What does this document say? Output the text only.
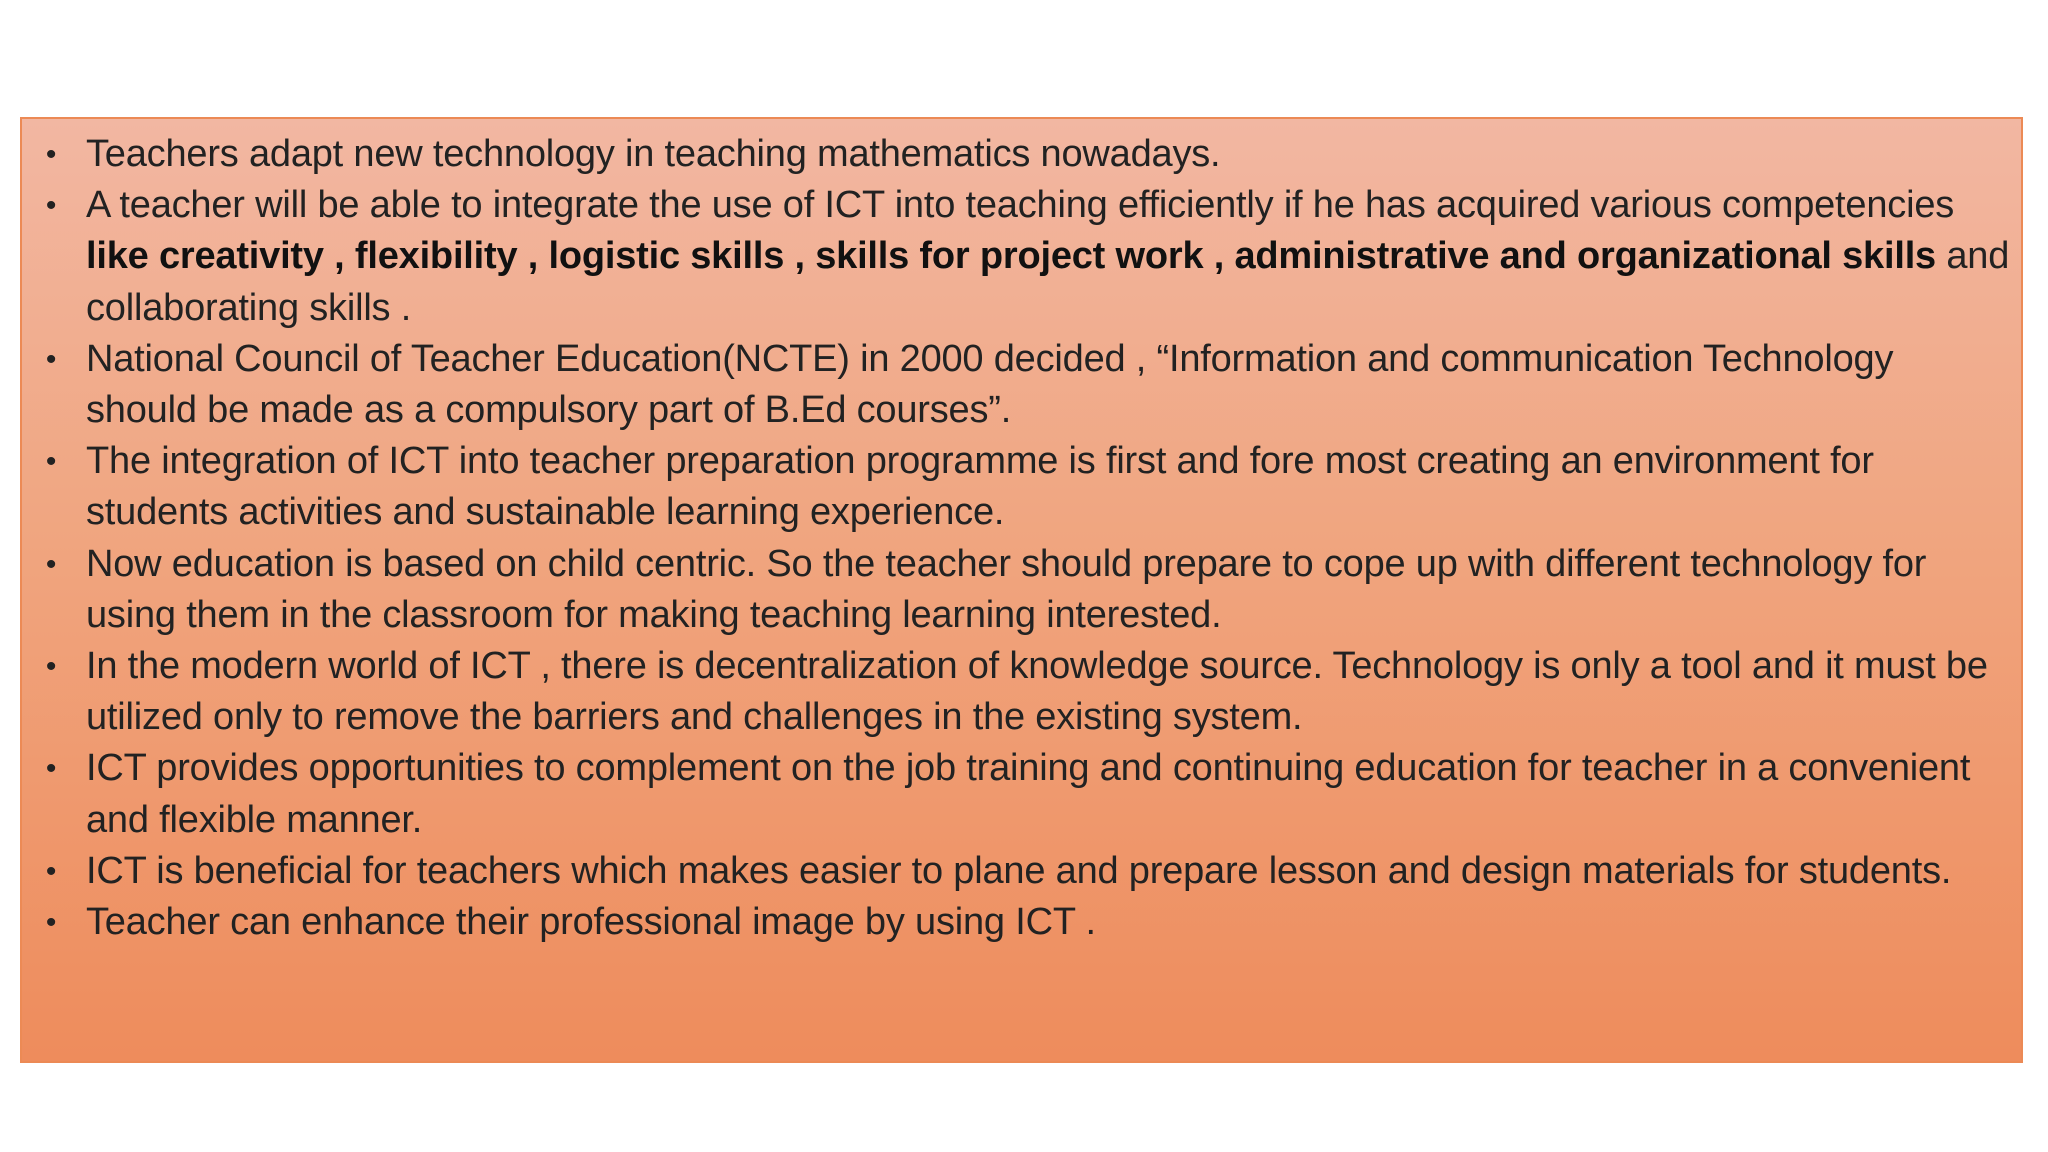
• Teachers adapt new technology in teaching mathematics nowadays.
• A teacher will be able to integrate the use of ICT into teaching efficiently if he has acquired various competencies like creativity , flexibility , logistic skills , skills for project work , administrative and organizational skills and collaborating skills .
• National Council of Teacher Education(NCTE) in 2000 decided , “Information and communication Technology should be made as a compulsory part of B.Ed courses”.
• The integration of ICT into teacher preparation programme is first and fore most creating an environment for students activities and sustainable learning experience.
• Now education is based on child centric. So the teacher should prepare to cope up with different technology for using them in the classroom for making teaching learning interested.
• In the modern world of ICT , there is decentralization of knowledge source. Technology is only a tool and it must be utilized only to remove the barriers and challenges in the existing system.
• ICT provides opportunities to complement on the job training and continuing education for teacher in a convenient and flexible manner.
• ICT is beneficial for teachers which makes easier to plane and prepare lesson and design materials for students.
• Teacher can enhance their professional image by using ICT .
